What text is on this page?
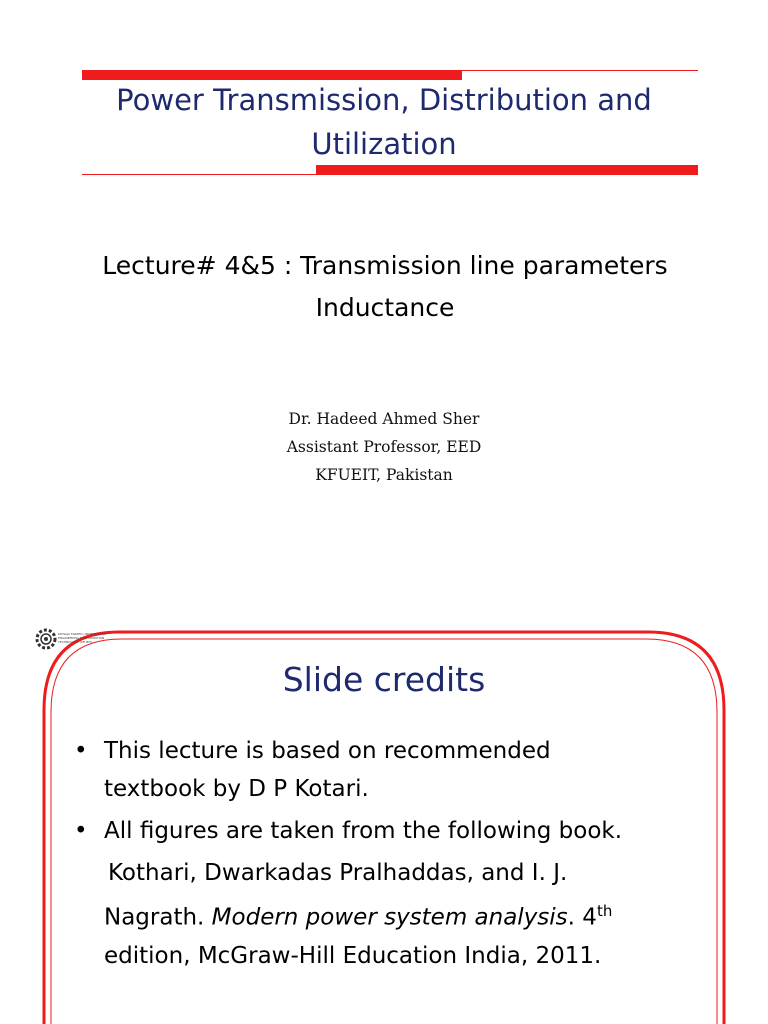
Power Transmission, Distribution and
Utilization
Lecture# 4&5 : Transmission line parameters
Inductance
Dr. Hadeed Ahmed Sher
Assistant Professor, EED
KFUEIT, Pakistan
KHWAJA FAREED UNIVERSITY OF ENGINEERING & INFORMATION TECHNOLOGY (KFUEIT)
Slide credits
• This lecture is based on recommended
textbook by D P Kotari.
• All figures are taken from the following book.
Kothari, Dwarkadas Pralhaddas, and I. J.
Nagrath. Modern power system analysis. 4th
edition, McGraw-Hill Education India, 2011.
